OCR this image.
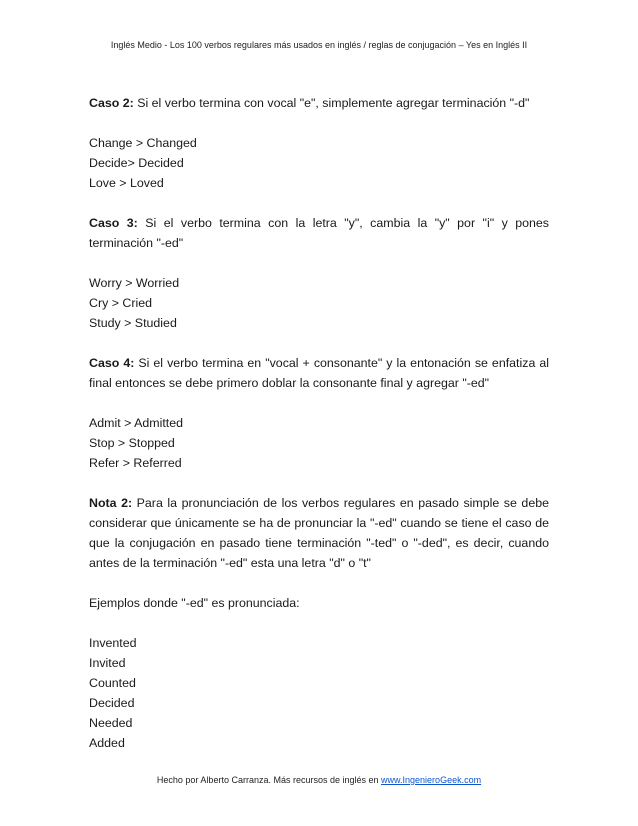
Inglés Medio - Los 100 verbos regulares más usados en inglés / reglas de conjugación – Yes en Inglés II

Caso 2: Si el verbo termina con vocal "e", simplemente agregar terminación "-d"

Change > Changed
Decide> Decided
Love > Loved

Caso 3: Si el verbo termina con la letra "y", cambia la "y" por "i" y pones terminación "-ed"

Worry > Worried
Cry > Cried
Study > Studied

Caso 4: Si el verbo termina en "vocal + consonante" y la entonación se enfatiza al final entonces se debe primero doblar la consonante final y agregar "-ed"

Admit > Admitted
Stop > Stopped
Refer > Referred

Nota 2: Para la pronunciación de los verbos regulares en pasado simple se debe considerar que únicamente se ha de pronunciar la "-ed" cuando se tiene el caso de que la conjugación en pasado tiene terminación "-ted" o "-ded", es decir, cuando antes de la terminación "-ed" esta una letra "d" o "t"

Ejemplos donde "-ed" es pronunciada:
Invented
Invited
Counted
Decided
Needed
Added
Hecho por Alberto Carranza. Más recursos de inglés en www.IngenieroGeek.com
